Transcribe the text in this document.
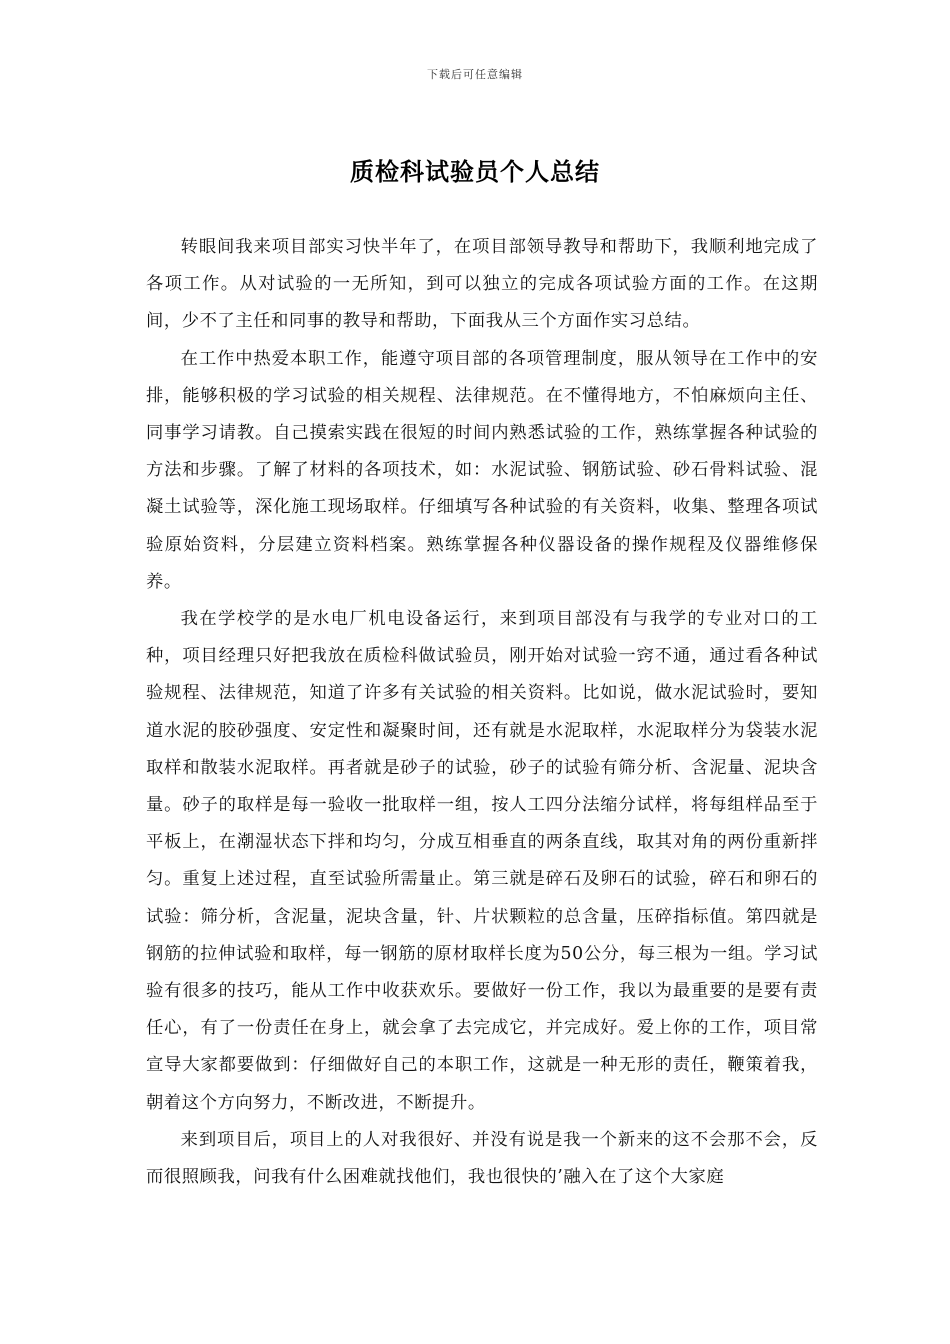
下载后可任意编辑
质检科试验员个人总结

转眼间我来项目部实习快半年了，在项目部领导教导和帮助下，我顺利地完成了各项工作。从对试验的一无所知，到可以独立的完成各项试验方面的工作。在这期间，少不了主任和同事的教导和帮助，下面我从三个方面作实习总结。

在工作中热爱本职工作，能遵守项目部的各项管理制度，服从领导在工作中的安排，能够积极的学习试验的相关规程、法律规范。在不懂得地方，不怕麻烦向主任、同事学习请教。自己摸索实践在很短的时间内熟悉试验的工作，熟练掌握各种试验的方法和步骤。了解了材料的各项技术，如：水泥试验、钢筋试验、砂石骨料试验、混凝土试验等，深化施工现场取样。仔细填写各种试验的有关资料，收集、整理各项试验原始资料，分层建立资料档案。熟练掌握各种仪器设备的操作规程及仪器维修保养。

我在学校学的是水电厂机电设备运行，来到项目部没有与我学的专业对口的工种，项目经理只好把我放在质检科做试验员，刚开始对试验一窍不通，通过看各种试验规程、法律规范，知道了许多有关试验的相关资料。比如说，做水泥试验时，要知道水泥的胶砂强度、安定性和凝聚时间，还有就是水泥取样，水泥取样分为袋装水泥取样和散装水泥取样。再者就是砂子的试验，砂子的试验有筛分析、含泥量、泥块含量。砂子的取样是每一验收一批取样一组，按人工四分法缩分试样，将每组样品至于平板上，在潮湿状态下拌和均匀，分成互相垂直的两条直线，取其对角的两份重新拌匀。重复上述过程，直至试验所需量止。第三就是碎石及卵石的试验，碎石和卵石的试验：筛分析，含泥量，泥块含量，针、片状颗粒的总含量，压碎指标值。第四就是钢筋的拉伸试验和取样，每一钢筋的原材取样长度为50公分，每三根为一组。学习试验有很多的技巧，能从工作中收获欢乐。要做好一份工作，我以为最重要的是要有责任心，有了一份责任在身上，就会拿了去完成它，并完成好。爱上你的工作，项目常宣导大家都要做到：仔细做好自己的本职工作，这就是一种无形的责任，鞭策着我，朝着这个方向努力，不断改进，不断提升。

来到项目后，项目上的人对我很好、并没有说是我一个新来的这不会那不会，反而很照顾我，问我有什么困难就找他们，我也很快的’融入在了这个大家庭
